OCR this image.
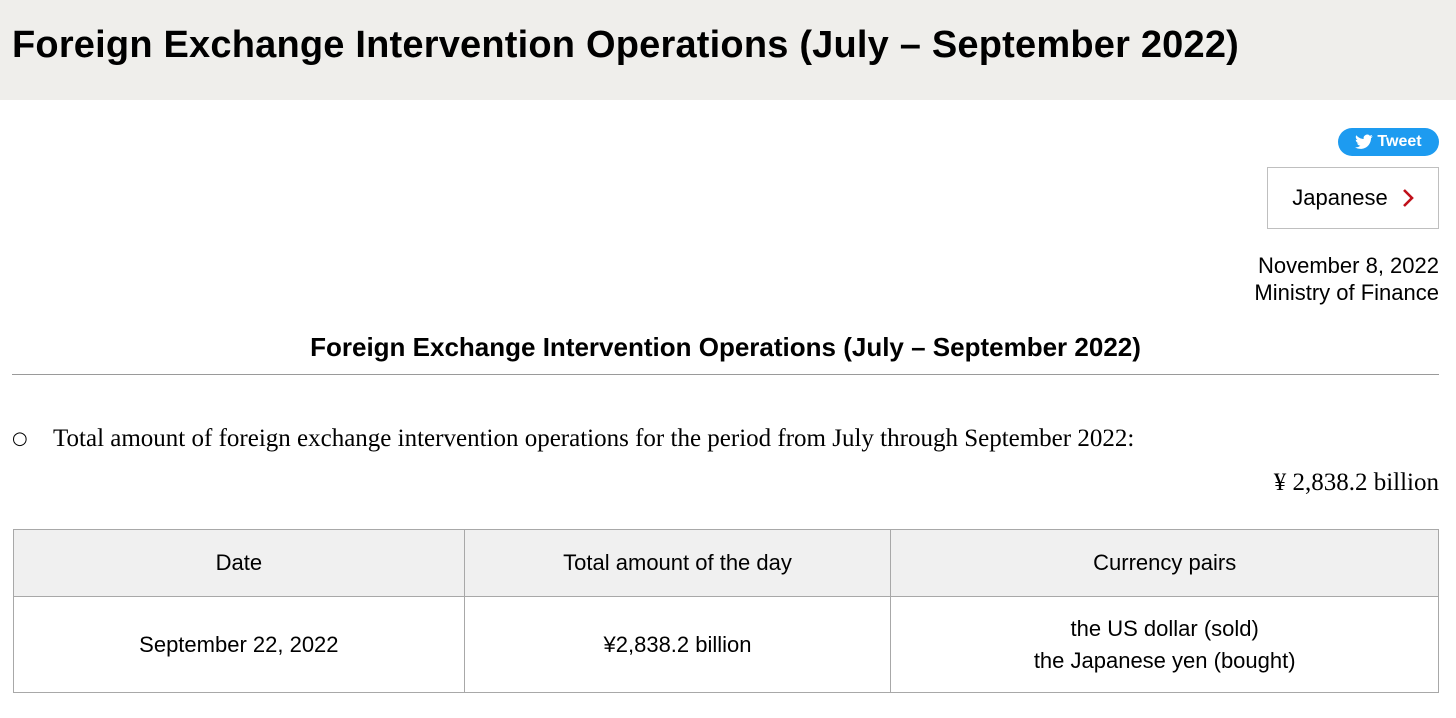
Foreign Exchange Intervention Operations (July – September 2022)
Tweet
Japanese
November 8, 2022
Ministry of Finance
Foreign Exchange Intervention Operations (July – September 2022)
○ Total amount of foreign exchange intervention operations for the period from July through September 2022:

¥ 2,838.2 billion

Date	Total amount of the day	Currency pairs
September 22, 2022	¥2,838.2 billion	the US dollar (sold)
the Japanese yen (bought)
